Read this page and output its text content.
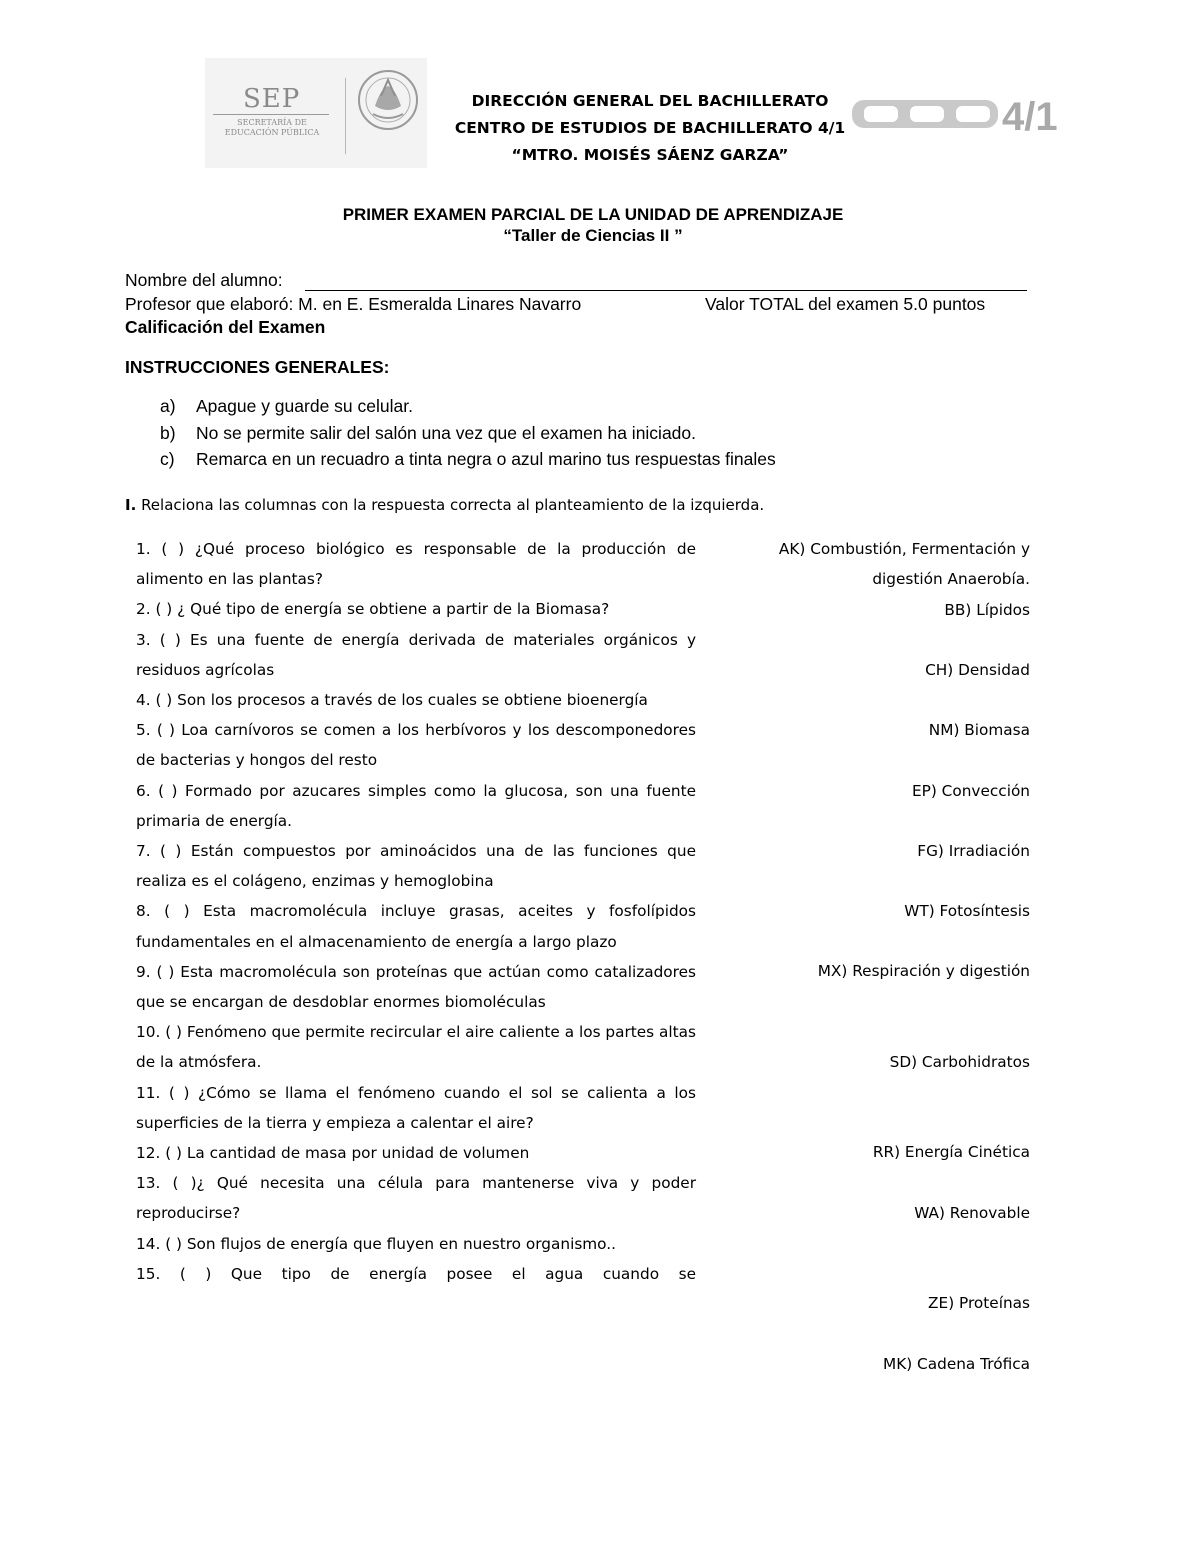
SEP
SECRETARÍA DE
EDUCACIÓN PÚBLICA
DIRECCIÓN GENERAL DEL BACHILLERATO
CENTRO DE ESTUDIOS DE BACHILLERATO 4/1
“MTRO. MOISÉS SÁENZ GARZA”
4/1
PRIMER EXAMEN PARCIAL DE LA UNIDAD DE APRENDIZAJE
“Taller de Ciencias II ”
Nombre del alumno:
Profesor que elaboró: M. en E. Esmeralda Linares Navarro	Valor TOTAL del examen 5.0 puntos
Calificación del Examen
INSTRUCCIONES GENERALES:
a) Apague y guarde su celular.
b) No se permite salir del salón una vez que el examen ha iniciado.
c) Remarca en un recuadro a tinta negra o azul marino tus respuestas finales
I. Relaciona las columnas con la respuesta correcta al planteamiento de la izquierda.
1. ( ) ¿Qué proceso biológico es responsable de la producción de alimento en las plantas?
2. ( ) ¿ Qué tipo de energía se obtiene a partir de la Biomasa?
3. ( ) Es una fuente de energía derivada de materiales orgánicos y residuos agrícolas
4. ( ) Son los procesos a través de los cuales se obtiene bioenergía
5. ( ) Loa carnívoros se comen a los herbívoros y los descomponedores de bacterias y hongos del resto
6. ( ) Formado por azucares simples como la glucosa, son una fuente primaria de energía.
7. ( ) Están compuestos por aminoácidos una de las funciones que realiza es el colágeno, enzimas y hemoglobina
8. ( ) Esta macromolécula incluye grasas, aceites y fosfolípidos fundamentales en el almacenamiento de energía a largo plazo
9. ( ) Esta macromolécula son proteínas que actúan como catalizadores que se encargan de desdoblar enormes biomoléculas
10. ( ) Fenómeno que permite recircular el aire caliente a los partes altas de la atmósfera.
11. ( ) ¿Cómo se llama el fenómeno cuando el sol se calienta a los superficies de la tierra y empieza a calentar el aire?
12. ( ) La cantidad de masa por unidad de volumen
13. ( )¿ Qué necesita una célula para mantenerse viva y poder reproducirse?
14. ( ) Son flujos de energía que fluyen en nuestro organismo..
15. ( ) Que tipo de energía posee el agua cuando se
AK) Combustión, Fermentación y
digestión Anaerobía.
BB) Lípidos
CH) Densidad
NM) Biomasa
EP) Convección
FG) Irradiación
WT) Fotosíntesis
MX) Respiración y digestión
SD) Carbohidratos
RR) Energía Cinética
WA) Renovable
ZE) Proteínas
MK) Cadena Trófica
